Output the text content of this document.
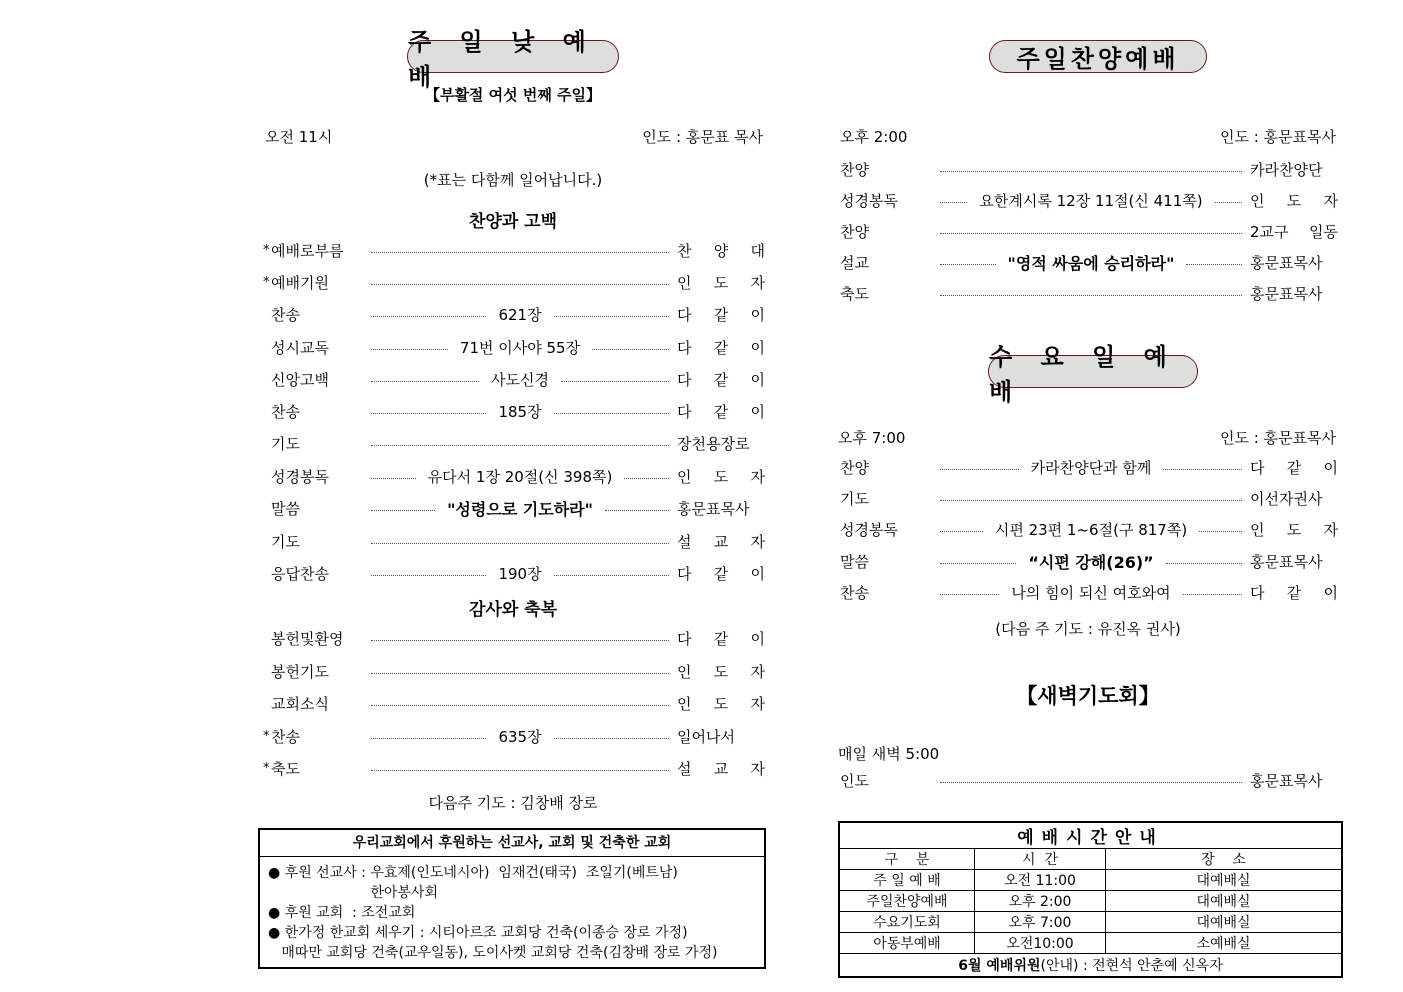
주 일 낮 예 배
【부활절 여섯 번째 주일】
오전 11시	인도 : 홍문표 목사
(*표는 다함께 일어납니다.)
찬양과 고백
* 예배로부름	찬 양 대
* 예배기원	인 도 자
찬송	621장	다 같 이
성시교독	71번 이사야 55장	다 같 이
신앙고백	사도신경	다 같 이
찬송	185장	다 같 이
기도	장천용장로
성경봉독	유다서 1장 20절(신 398쪽)	인 도 자
말씀	"성령으로 기도하라"	홍문표목사
기도	설 교 자
응답찬송	190장	다 같 이
감사와 축복
봉헌및환영	다 같 이
봉헌기도	인 도 자
교회소식	인 도 자
* 찬송	635장	일어나서
* 축도	설 교 자
다음주 기도 : 김창배 장로
우리교회에서 후원하는 선교사, 교회 및 건축한 교회
● 후원 선교사 : 우효제(인도네시아)  임재건(태국)  조일기(베트남)
한아봉사회
● 후원 교회  : 조전교회
● 한가정 한교회 세우기 : 시티아르조 교회당 건축(이종승 장로 가정)
매따만 교회당 건축(교우일동), 도이사켓 교회당 건축(김창배 장로 가정)
주일찬양예배
오후 2:00	인도 : 홍문표목사
찬양	카라찬양단
성경봉독	요한계시록 12장 11절(신 411쪽)	인 도 자
찬양	2교구 일동
설교	"영적 싸움에 승리하라"	홍문표목사
축도	홍문표목사
수 요 일 예 배
오후 7:00	인도 : 홍문표목사
찬양	카라찬양단과 함께	다 같 이
기도	이선자권사
성경봉독	시편 23편 1~6절(구 817쪽)	인 도 자
말씀	“시편 강해(26)”	홍문표목사
찬송	나의 힘이 되신 여호와여	다 같 이
(다음 주 기도 : 유진옥 권사)
【새벽기도회】
매일 새벽 5:00
인도	홍문표목사
예배시간안내		
구    분	시  간	장    소
주 일 예 배	오전 11:00	대예배실
주일찬양예배	오후 2:00	대예배실
수요기도회	오후 7:00	대예배실
아동부예배	오전10:00	소예배실
6월 예배위원(안내) : 전현석 안춘예 신옥자		
